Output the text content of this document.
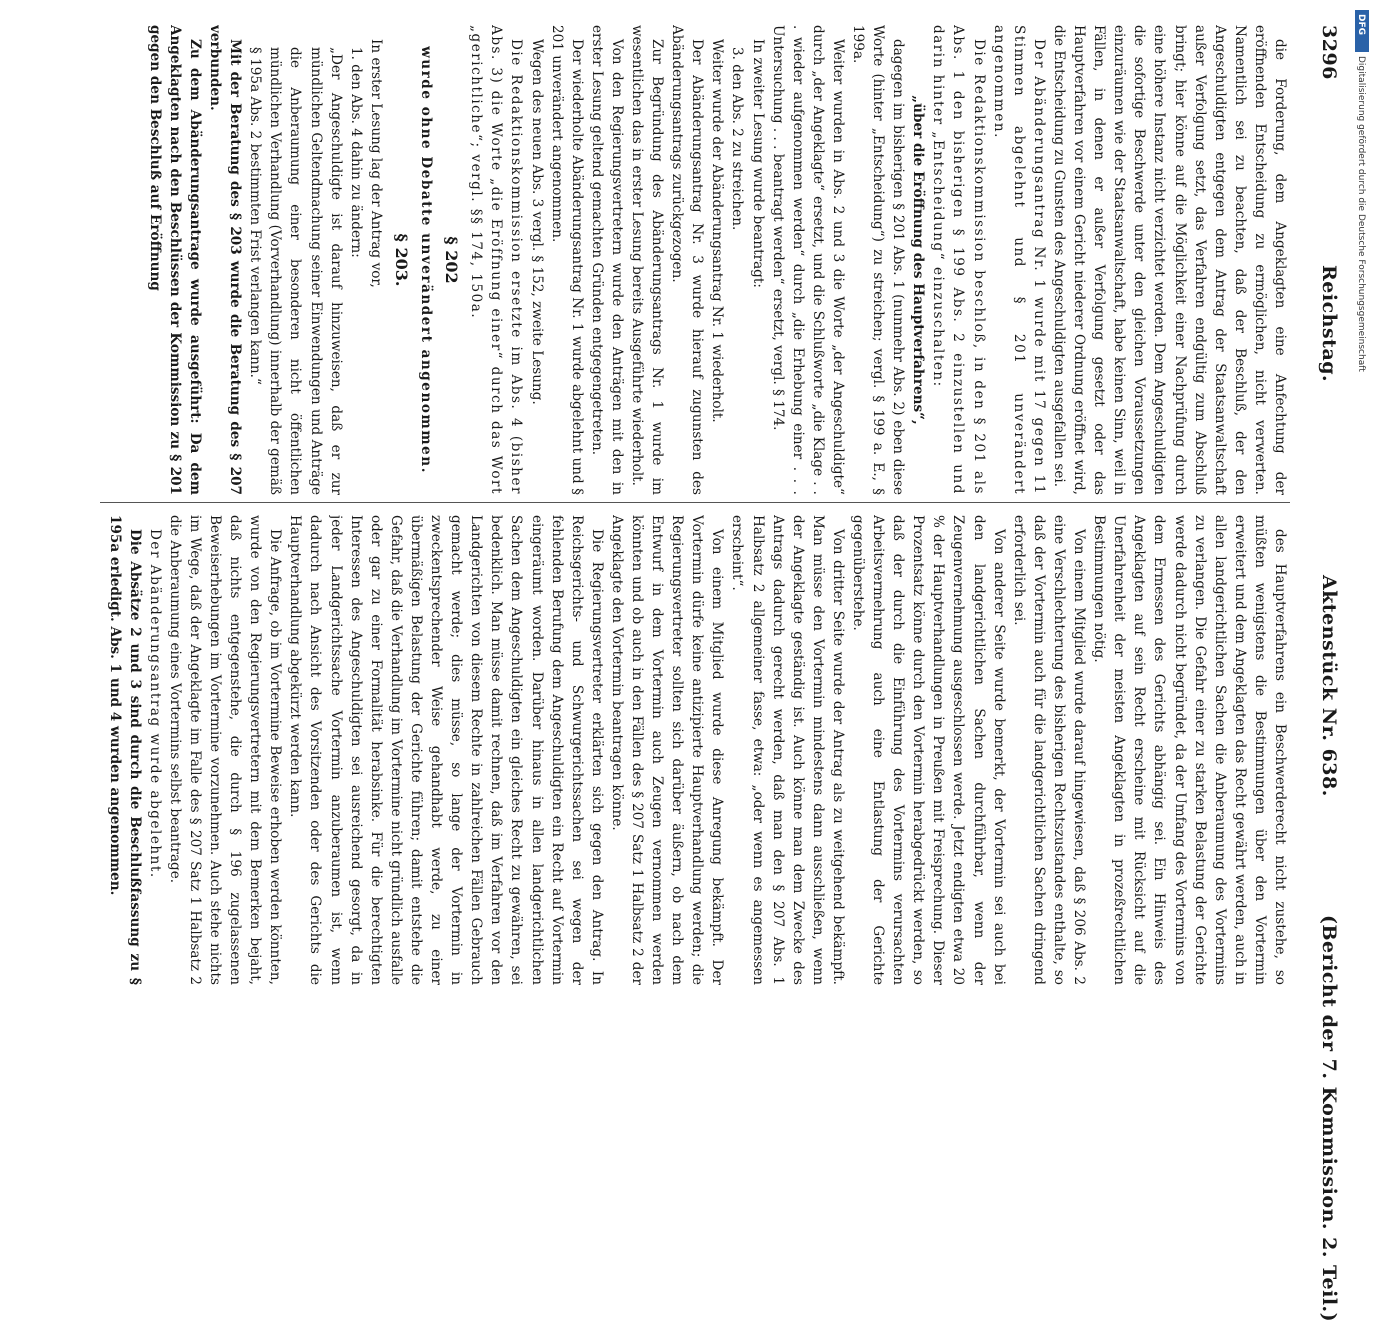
3296
Reichstag.
Aktenstück Nr. 638.
(Bericht der 7. Kommission. 2. Teil.)

die Forderung, dem Angeklagten eine Anfechtung der eröffnenden Entscheidung zu ermöglichen, nicht verwerten. Namentlich sei zu beachten, daß der Beschluß, der den Angeschuldigten entgegen dem Antrag der Staatsanwaltschaft außer Verfolgung setzt, das Verfahren endgültig zum Abschluß bringt; hier könne auf die Möglichkeit einer Nachprüfung durch eine höhere Instanz nicht verzichtet werden. Dem Angeschuldigten die sofortige Beschwerde unter den gleichen Voraussetzungen einzuräumen wie der Staatsanwaltschaft, habe keinen Sinn, weil in Fällen, in denen er außer Verfolgung gesetzt oder das Hauptverfahren vor einem Gericht niederer Ordnung eröffnet wird, die Entscheidung zu Gunsten des Angeschuldigten ausgefallen sei.

Der Abänderungsantrag Nr. 1 wurde mit 17 gegen 11 Stimmen abgelehnt und § 201 unverändert angenommen.

Die Redaktionskommission beschloß, in den § 201 als Abs. 1 den bisherigen § 199 Abs. 2 einzustellen und darin hinter „Entscheidung“ einzuschalten:

„über die Eröffnung des Hauptverfahrens“,

dagegen im bisherigen § 201 Abs. 1 (nunmehr Abs. 2) eben diese Worte (hinter „Entscheidung“) zu streichen; vergl. § 199 a. E., § 199a.

Weiter wurden in Abs. 2 und 3 die Worte „der Angeschuldigte“ durch „der Angeklagte“ ersetzt, und die Schlußworte „die Klage . . . wieder aufgenommen werden“ durch „die Erhebung einer . . . Untersuchung . . . beantragt werden“ ersetzt, vergl. § 174.

In zweiter Lesung wurde beantragt:

3. den Abs. 2 zu streichen.

Weiter wurde der Abänderungsantrag Nr. 1 wiederholt.

Der Abänderungsantrag Nr. 3 wurde hierauf zugunsten des Abänderungsantrags zurückgezogen.

Zur Begründung des Abänderungsantrags Nr. 1 wurde im wesentlichen das in erster Lesung bereits Ausgeführte wiederholt.

Von den Regierungsvertretern wurde den Anträgen mit den in erster Lesung geltend gemachten Gründen entgegengetreten.

Der wiederholte Abänderungsantrag Nr. 1 wurde abgelehnt und § 201 unverändert angenommen.

Wegen des neuen Abs. 3 vergl. § 152, zweite Lesung.

Die Redaktionskommission ersetzte im Abs. 4 (bisher Abs. 3) die Worte „die Eröffnung einer“ durch das Wort „gerichtliche“; vergl. §§ 174, 150a.

§ 202

wurde ohne Debatte unverändert angenommen.

§ 203.

In erster Lesung lag der Antrag vor,

1. den Abs. 4 dahin zu ändern:

„Der Angeschuldigte ist darauf hinzuweisen, daß er zur mündlichen Geltendmachung seiner Einwendungen und Anträge die Anberaumung einer besonderen nicht öffentlichen mündlichen Verhandlung (Vorverhandlung) innerhalb der gemäß § 195a Abs. 2 bestimmten Frist verlangen kann.“

Mit der Beratung des § 203 wurde die Beratung des § 207 verbunden.

Zu dem Abänderungsantrage wurde ausgeführt: Da dem Angeklagten nach den Beschlüssen der Kommission zu § 201 gegen den Beschluß auf Eröffnung

des Hauptverfahrens ein Beschwerderecht nicht zustehe, so müßten wenigstens die Bestimmungen über den Vortermin erweitert und dem Angeklagten das Recht gewährt werden, auch in allen landgerichtlichen Sachen die Anberaumung des Vortermins zu verlangen. Die Gefahr einer zu starken Belastung der Gerichte werde dadurch nicht begründet, da der Umfang des Vortermins von dem Ermessen des Gerichts abhängig sei. Ein Hinweis des Angeklagten auf sein Recht erscheine mit Rücksicht auf die Unerfahrenheit der meisten Angeklagten in prozeßrechtlichen Bestimmungen nötig.

Von einem Mitglied wurde darauf hingewiesen, daß § 206 Abs. 2 eine Verschlechterung des bisherigen Rechtszustandes enthalte, so daß der Vortermin auch für die landgerichtlichen Sachen dringend erforderlich sei.

Von anderer Seite wurde bemerkt, der Vortermin sei auch bei den landgerichtlichen Sachen durchführbar, wenn der Zeugenvernehmung ausgeschlossen werde. Jetzt endigten etwa 20 % der Hauptverhandlungen in Preußen mit Freisprechung. Dieser Prozentsatz könne durch den Vortermin herabgedrückt werden, so daß der durch die Einführung des Vortermins verursachten Arbeitsvermehrung auch eine Entlastung der Gerichte gegenüberstehe.

Von dritter Seite wurde der Antrag als zu weitgehend bekämpft. Man müsse den Vortermin mindestens dann ausschließen, wenn der Angeklagte geständig ist. Auch könne man dem Zwecke des Antrags dadurch gerecht werden, daß man den § 207 Abs. 1 Halbsatz 2 allgemeiner fasse, etwa: „oder wenn es angemessen erscheint“.

Von einem Mitglied wurde diese Anregung bekämpft. Der Vortermin dürfe keine antizipierte Hauptverhandlung werden; die Regierungsvertreter sollten sich darüber äußern, ob nach dem Entwurf in dem Vortermin auch Zeugen vernommen werden könnten und ob auch in den Fällen des § 207 Satz 1 Halbsatz 2 der Angeklagte den Vortermin beantragen könne.

Die Regierungsvertreter erklärten sich gegen den Antrag. In Reichsgerichts- und Schwurgerichtssachen sei wegen der fehlenden Berufung dem Angeschuldigten ein Recht auf Vortermin eingeräumt worden. Darüber hinaus in allen landgerichtlichen Sachen dem Angeschuldigten ein gleiches Recht zu gewähren, sei bedenklich. Man müsse damit rechnen, daß im Verfahren vor den Landgerichten von diesem Rechte in zahlreichen Fällen Gebrauch gemacht werde; dies müsse, so lange der Vortermin in zweckentsprechender Weise gehandhabt werde, zu einer übermäßigen Belastung der Gerichte führen; damit entstehe die Gefahr, daß die Verhandlung im Vortermine nicht gründlich ausfalle oder gar zu einer Formalität herabsinke. Für die berechtigten Interessen des Angeschuldigten sei ausreichend gesorgt, da in jeder Landgerichtssache Vortermin anzuberaumen ist, wenn dadurch nach Ansicht des Vorsitzenden oder des Gerichts die Hauptverhandlung abgekürzt werden kann.

Die Anfrage, ob im Vortermine Beweise erhoben werden könnten, wurde von den Regierungsvertretern mit dem Bemerken bejaht, daß nichts entgegenstehe, die durch § 196 zugelassenen Beweiserhebungen im Vortermine vorzunehmen. Auch stehe nichts im Wege, daß der Angeklagte im Falle des § 207 Satz 1 Halbsatz 2 die Anberaumung eines Vortermins selbst beantrage.

Der Abänderungsantrag wurde abgelehnt.

Die Absätze 2 und 3 sind durch die Beschlußfassung zu § 195a erledigt. Abs. 1 und 4 wurden angenommen.

DFG
Digitalisierung gefördert durch die Deutsche Forschungsgemeinschaft
